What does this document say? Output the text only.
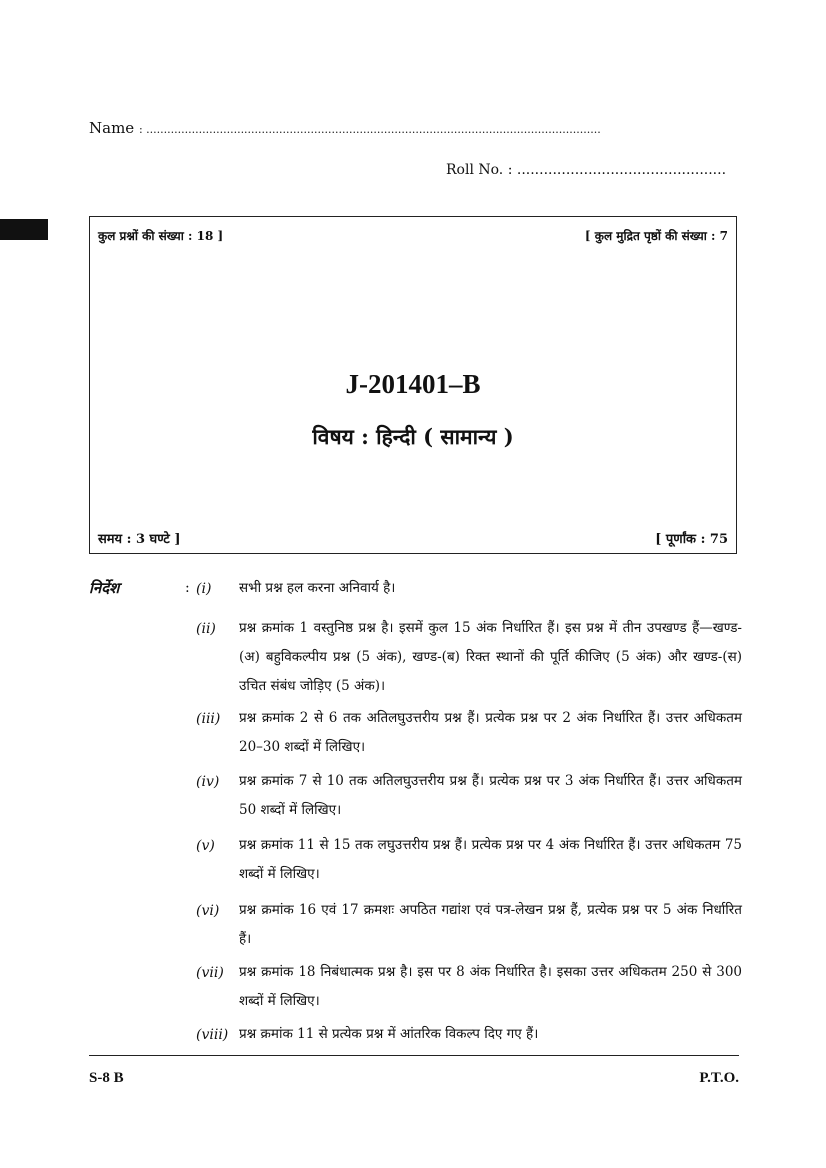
Name : ..................................................................................................................................
Roll No. : ...............................................
कुल प्रश्नों की संख्या : 18 ]	[ कुल मुद्रित पृष्ठों की संख्या : 7
J-201401–B
विषय : हिन्दी ( सामान्य )
समय : 3 घण्टे ]	[ पूर्णांक : 75
निर्देश	: (i)	सभी प्रश्न हल करना अनिवार्य है।
(ii)	प्रश्न क्रमांक 1 वस्तुनिष्ठ प्रश्न है। इसमें कुल 15 अंक निर्धारित हैं। इस प्रश्न में तीन उपखण्ड हैं—खण्ड-(अ) बहुविकल्पीय प्रश्न (5 अंक), खण्ड-(ब) रिक्त स्थानों की पूर्ति कीजिए (5 अंक) और खण्ड-(स) उचित संबंध जोड़िए (5 अंक)।
(iii)	प्रश्न क्रमांक 2 से 6 तक अतिलघुउत्तरीय प्रश्न हैं। प्रत्येक प्रश्न पर 2 अंक निर्धारित हैं। उत्तर अधिकतम 20–30 शब्दों में लिखिए।
(iv)	प्रश्न क्रमांक 7 से 10 तक अतिलघुउत्तरीय प्रश्न हैं। प्रत्येक प्रश्न पर 3 अंक निर्धारित हैं। उत्तर अधिकतम 50 शब्दों में लिखिए।
(v)	प्रश्न क्रमांक 11 से 15 तक लघुउत्तरीय प्रश्न हैं। प्रत्येक प्रश्न पर 4 अंक निर्धारित हैं। उत्तर अधिकतम 75 शब्दों में लिखिए।
(vi)	प्रश्न क्रमांक 16 एवं 17 क्रमशः अपठित गद्यांश एवं पत्र-लेखन प्रश्न हैं, प्रत्येक प्रश्न पर 5 अंक निर्धारित हैं।
(vii)	प्रश्न क्रमांक 18 निबंधात्मक प्रश्न है। इस पर 8 अंक निर्धारित है। इसका उत्तर अधिकतम 250 से 300 शब्दों में लिखिए।
(viii) प्रश्न क्रमांक 11 से प्रत्येक प्रश्न में आंतरिक विकल्प दिए गए हैं।
S-8 B	P.T.O.
